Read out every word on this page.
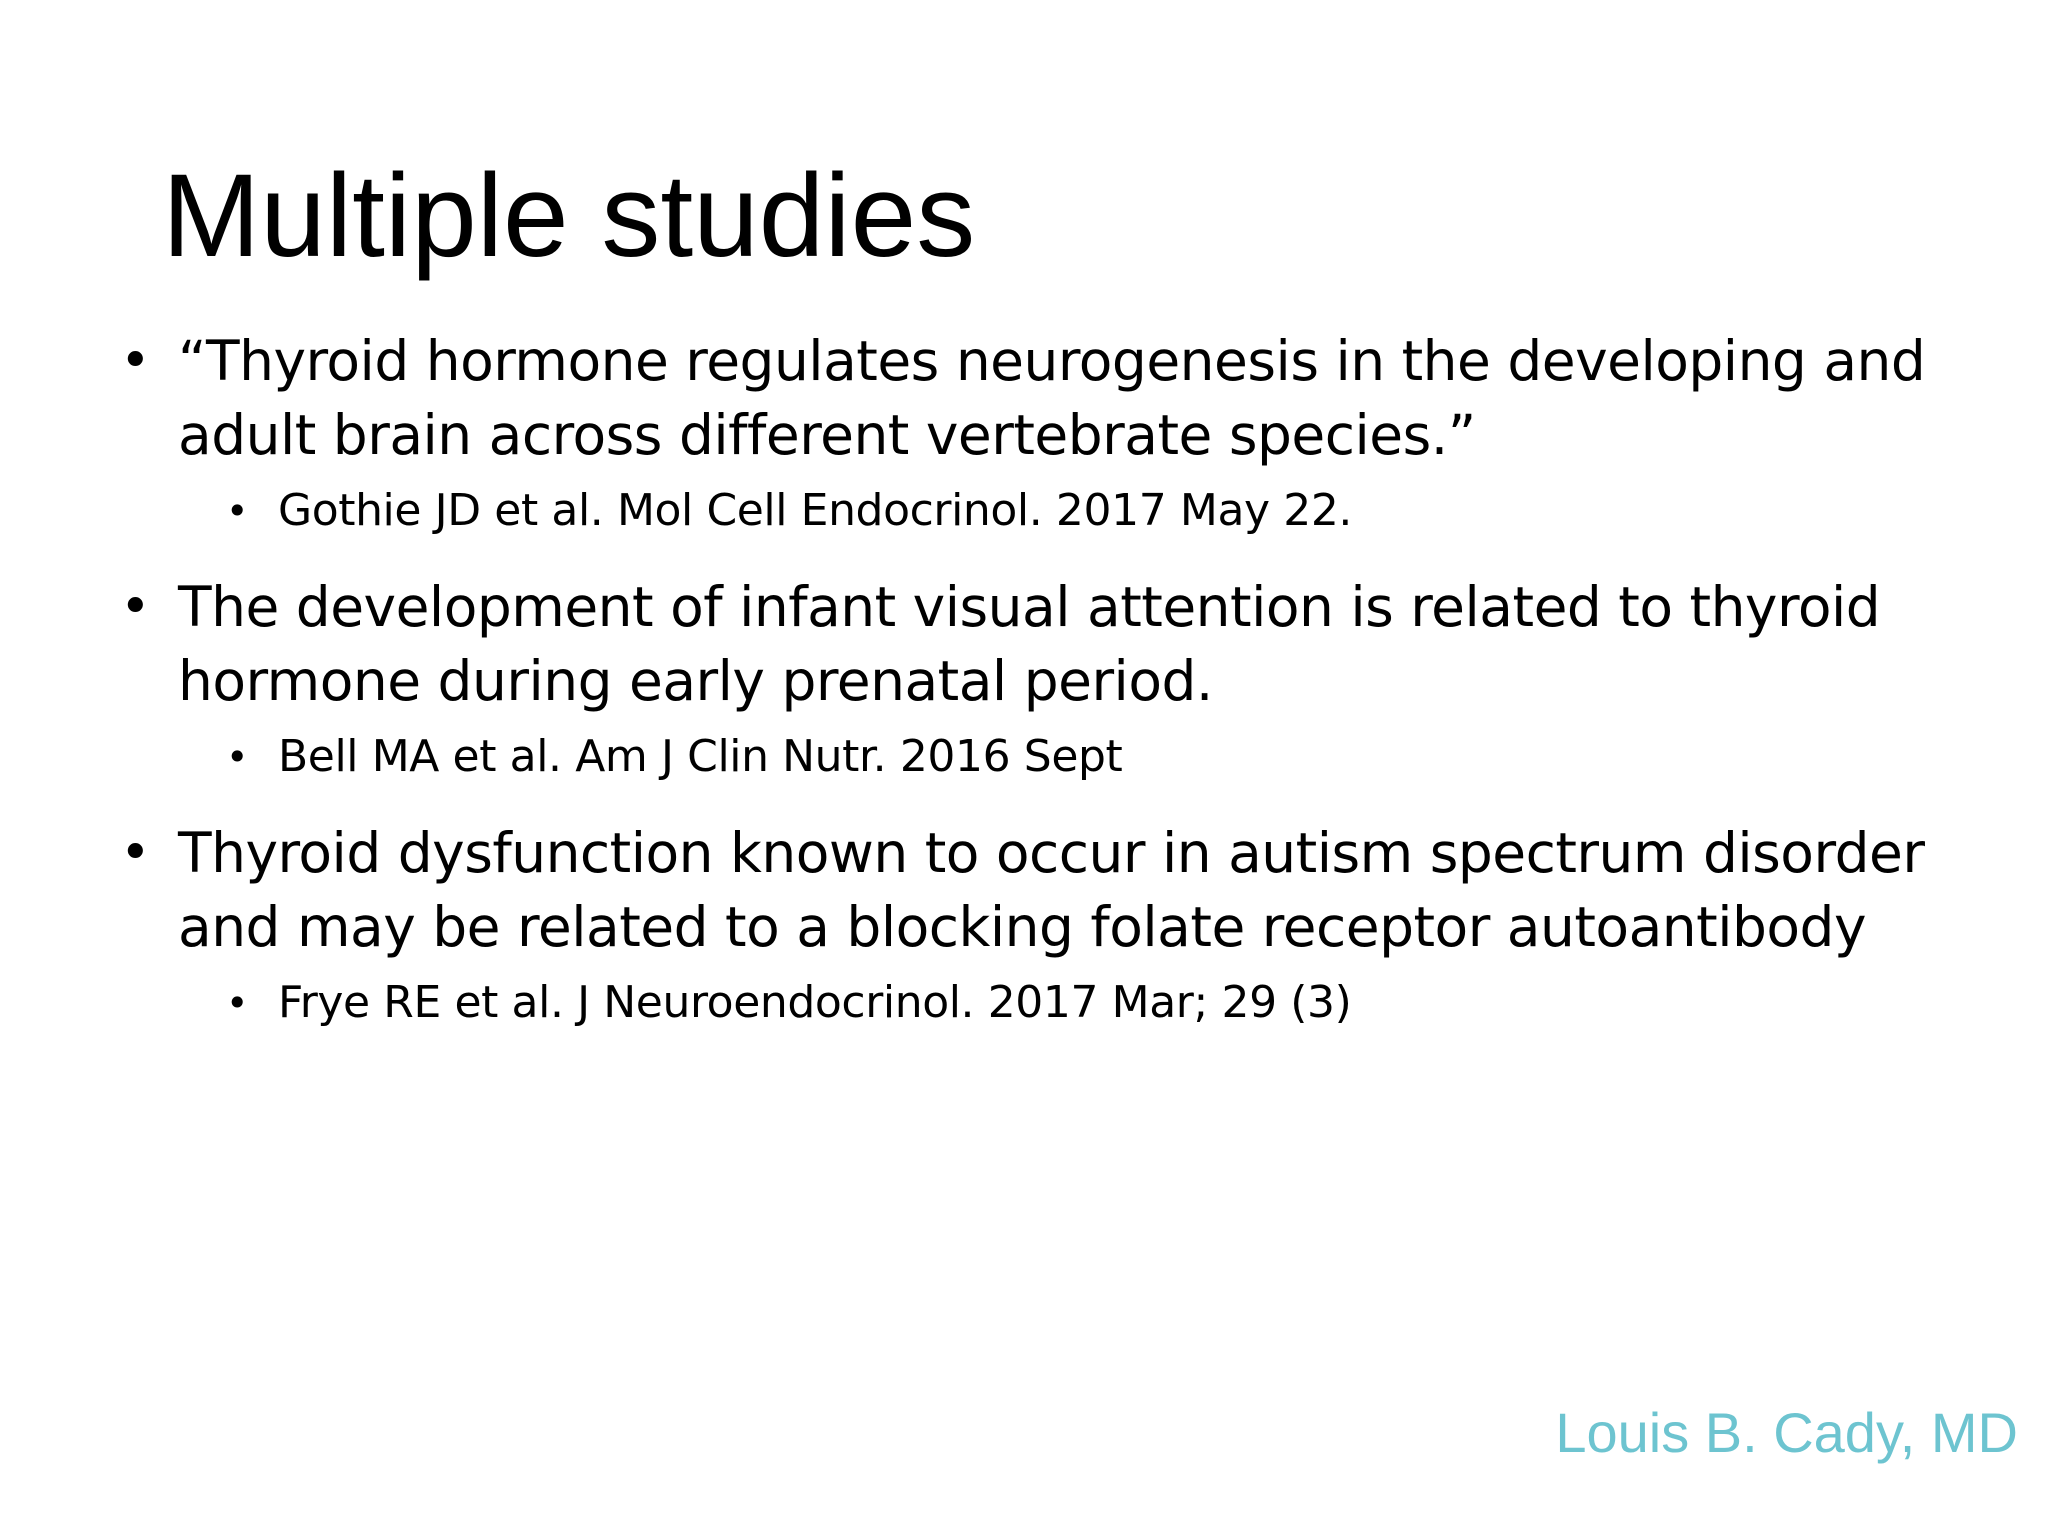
Multiple studies
• “Thyroid hormone regulates neurogenesis in the developing and adult brain across different vertebrate species.”
• Gothie JD et al. Mol Cell Endocrinol. 2017 May 22.
• The development of infant visual attention is related to thyroid hormone during early prenatal period.
• Bell MA et al. Am J Clin Nutr. 2016 Sept
• Thyroid dysfunction known to occur in autism spectrum disorder and may be related to a blocking folate receptor autoantibody
• Frye RE et al. J Neuroendocrinol. 2017 Mar; 29 (3)
Louis B. Cady, MD
